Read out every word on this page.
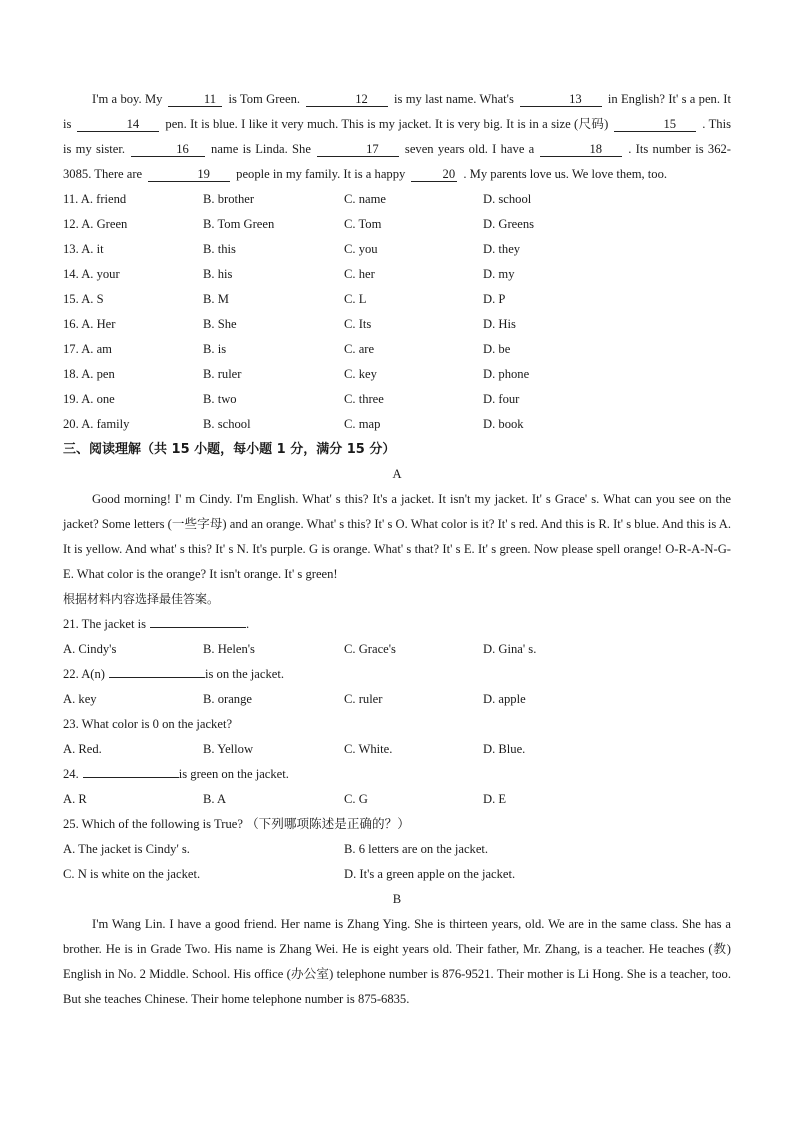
I'm a boy. My	11 is Tom Green.	12 is my last name. What's	13 in English? It' s a pen. It is	14 pen. It is blue. I like it very much. This is my jacket. It is very big. It is in a size (尺码)	15 . This is my sister.	16 name is Linda. She	17 seven years old. I have a	18 . Its number is 362-3085. There are	19 people in my family. It is a happy	20 . My parents love us. We love them, too.

11. A. friend	B. brother	C. name	D. school
12. A. Green	B. Tom Green	C. Tom	D. Greens
13. A. it	B. this	C. you	D. they
14. A. your	B. his	C. her	D. my
15. A. S	B. M	C. L	D. P
16. A. Her	B. She	C. Its	D. His
17. A. am	B. is	C. are	D. be
18. A. pen	B. ruler	C. key	D. phone
19. A. one	B. two	C. three	D. four
20. A. family	B. school	C. map	D. book
三、阅读理解（共 15 小题，每小题 1 分，满分 15 分）
A

Good morning! I' m Cindy. I'm English. What' s this? It's a jacket. It isn't my jacket. It' s Grace' s. What can you see on the jacket? Some letters (一些字母) and an orange. What' s this? It' s O. What color is it? It' s red. And this is R. It' s blue. And this is A. It is yellow. And what' s this? It' s N. It's purple. G is orange. What' s that? It' s E. It' s green. Now please spell orange! O-R-A-N-G-E. What color is the orange? It isn't orange. It' s green!

根据材料内容选择最佳答案。
21. The jacket is	.
A. Cindy's	B. Helen's	C. Grace's	D. Gina' s.
22. A(n)	is on the jacket.
A. key	B. orange	C. ruler	D. apple
23. What color is 0 on the jacket?
A. Red.	B. Yellow	C. White.	D. Blue.
24.	is green on the jacket.
A. R	B. A	C. G	D. E
25. Which of the following is True? （下列哪项陈述是正确的？）
A. The jacket is Cindy' s.	B. 6 letters are on the jacket.
C. N is white on the jacket.	D. It's a green apple on the jacket.
B

I'm Wang Lin. I have a good friend. Her name is Zhang Ying. She is thirteen years, old. We are in the same class. She has a brother. He is in Grade Two. His name is Zhang Wei. He is eight years old. Their father, Mr. Zhang, is a teacher. He teaches (教) English in No. 2 Middle. School. His office (办公室) telephone number is 876-9521. Their mother is Li Hong. She is a teacher, too. But she teaches Chinese. Their home telephone number is 875-6835.
